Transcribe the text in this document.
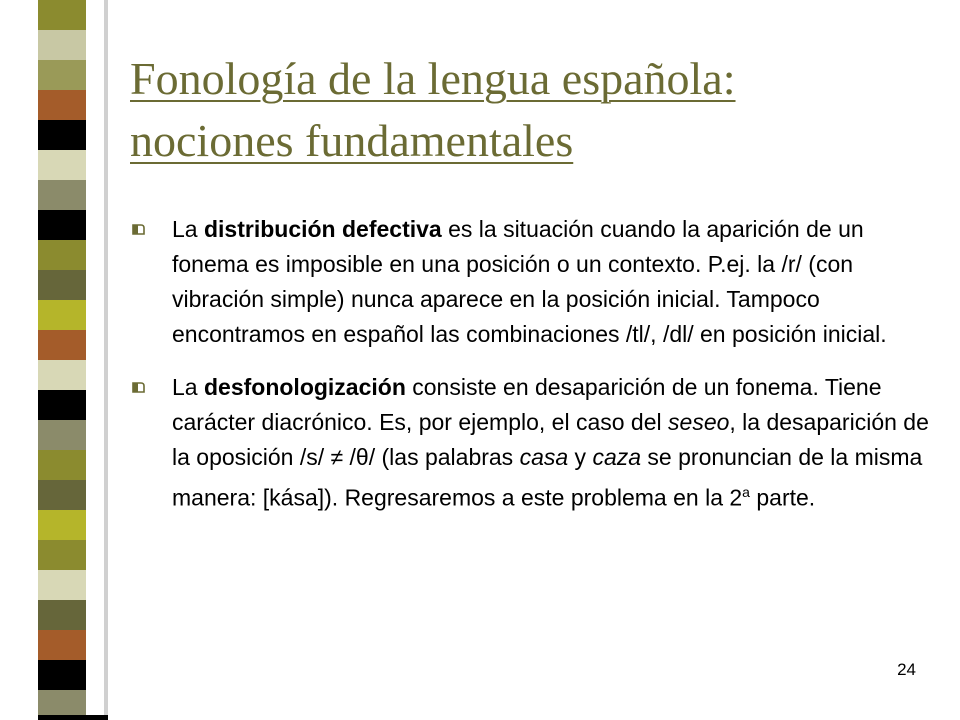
Fonología de la lengua española:
nociones fundamentales
La distribución defectiva es la situación cuando la aparición de un fonema es imposible en una posición o un contexto. P.ej. la /r/ (con vibración simple) nunca aparece en la posición inicial. Tampoco encontramos en español las combinaciones /tl/, /dl/ en posición inicial.
La desfonologización consiste en desaparición de un fonema. Tiene carácter diacrónico. Es, por ejemplo, el caso del seseo, la desaparición de la oposición /s/ ≠ /θ/ (las palabras casa y caza se pronuncian de la misma manera: [kása]). Regresaremos a este problema en la 2$^a$ parte.
24
